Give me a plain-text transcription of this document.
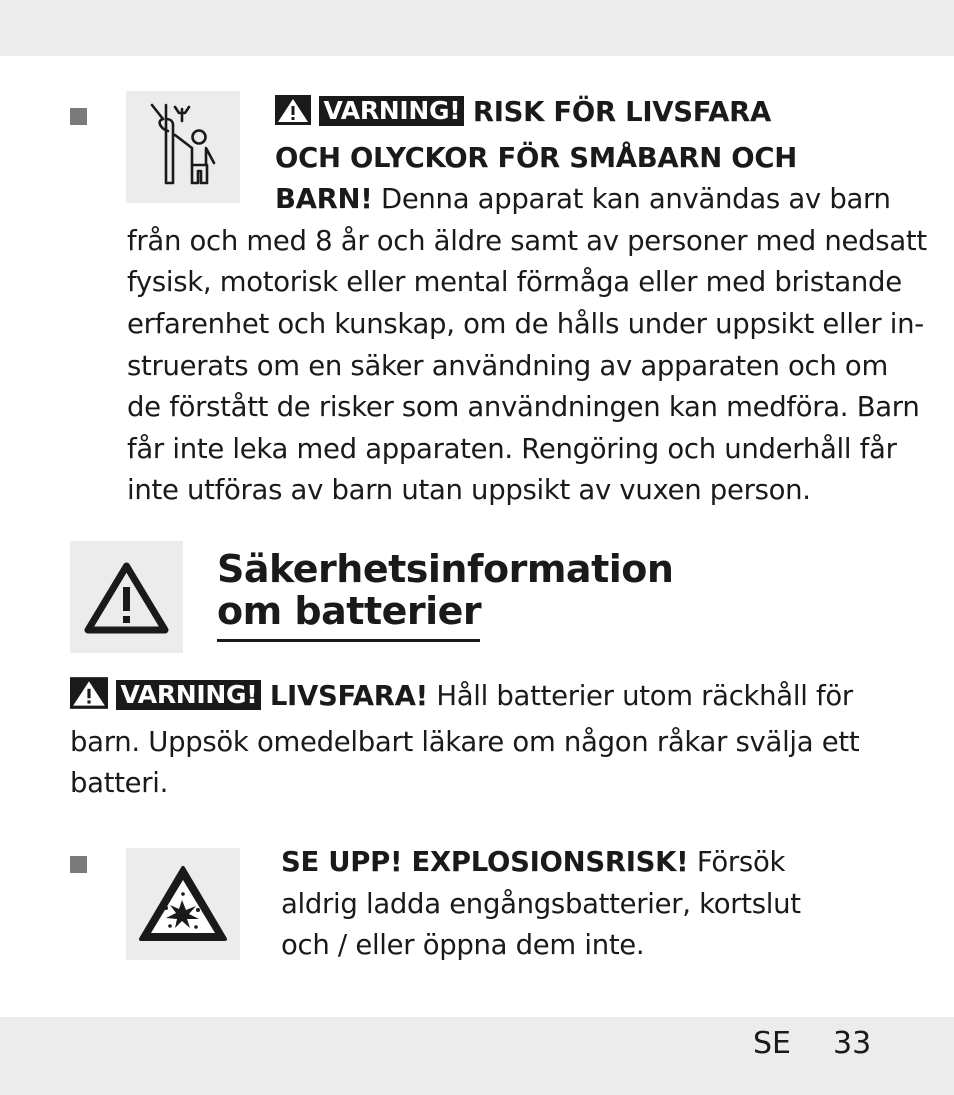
VARNING! RISK FÖR LIVSFARA
OCH OLYCKOR FÖR SMÅBARN OCH
BARN! Denna apparat kan användas av barn
från och med 8 år och äldre samt av personer med nedsatt
fysisk, motorisk eller mental förmåga eller med bristande
erfarenhet och kunskap, om de hålls under uppsikt eller in-
struerats om en säker användning av apparaten och om
de förstått de risker som användningen kan medföra. Barn
får inte leka med apparaten. Rengöring och underhåll får
inte utföras av barn utan uppsikt av vuxen person.
Säkerhetsinformation
om batterier
VARNING! LIVSFARA! Håll batterier utom räckhåll för
barn. Uppsök omedelbart läkare om någon råkar svälja ett
batteri.
SE UPP! EXPLOSIONSRISK! Försök
aldrig ladda engångsbatterier, kortslut
och / eller öppna dem inte.
SE 33
